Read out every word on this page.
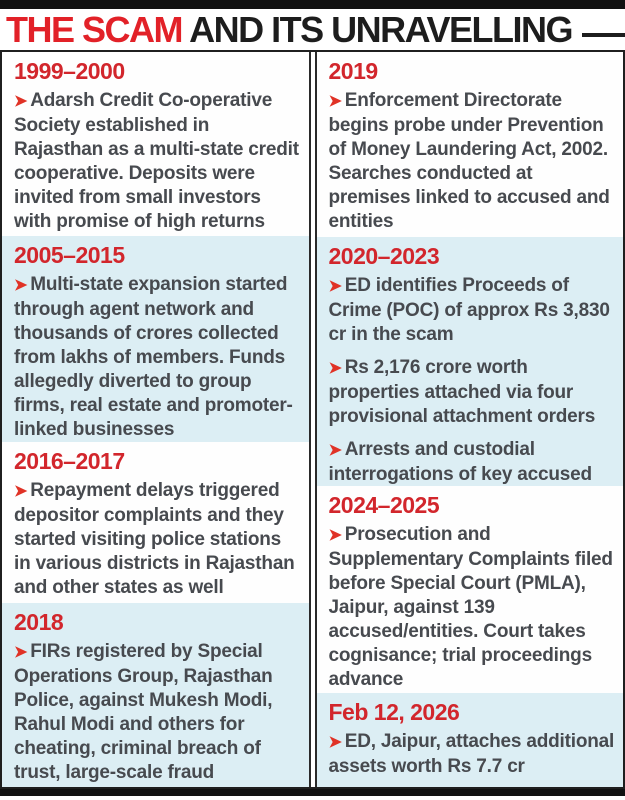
THE SCAM AND ITS UNRAVELLING
1999–2000

➤ Adarsh Credit Co-operative Society established in Rajasthan as a multi-state credit cooperative. Deposits were invited from small investors with promise of high returns

2005–2015

➤ Multi-state expansion started through agent network and thousands of crores collected from lakhs of members. Funds allegedly diverted to group firms, real estate and promoter-linked businesses

2016–2017

➤ Repayment delays triggered depositor complaints and they started visiting police stations in various districts in Rajasthan and other states as well

2018

➤ FIRs registered by Special Operations Group, Rajasthan Police, against Mukesh Modi, Rahul Modi and others for cheating, criminal breach of trust, large-scale fraud

2019

➤ Enforcement Directorate begins probe under Prevention of Money Laundering Act, 2002. Searches conducted at premises linked to accused and entities

2020–2023

➤ ED identifies Proceeds of Crime (POC) of approx Rs 3,830 cr in the scam

➤ Rs 2,176 crore worth properties attached via four provisional attachment orders

➤ Arrests and custodial interrogations of key accused

2024–2025

➤ Prosecution and Supplementary Complaints filed before Special Court (PMLA), Jaipur, against 139 accused/entities. Court takes cognisance; trial proceedings advance

Feb 12, 2026

➤ ED, Jaipur, attaches additional assets worth Rs 7.7 cr
